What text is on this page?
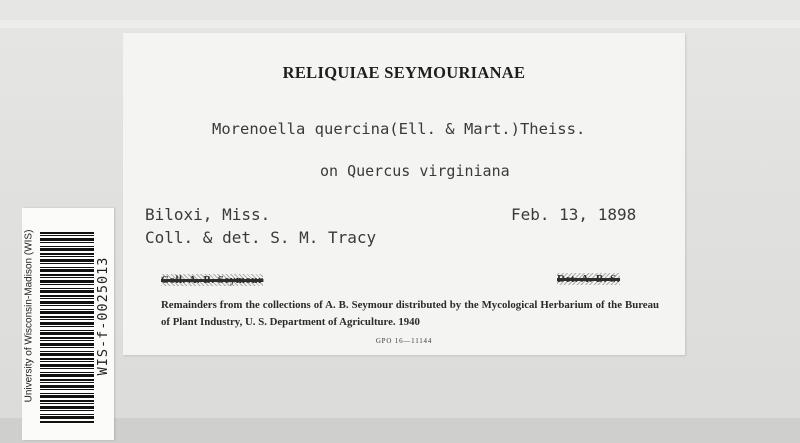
RELIQUIAE SEYMOURIANAE
Morenoella quercina(Ell. & Mart.)Theiss.
on Quercus virginiana
Biloxi, Miss.	Feb. 13, 1898
Coll. & det. S. M. Tracy
Coll. A. B. Seymour	Det. A. B. S.
Remainders from the collections of A. B. Seymour distributed by the Mycological Herbarium of the Bureau of Plant Industry, U. S. Department of Agriculture. 1940
GPO 16—11144
University of Wisconsin-Madison (WIS)	WIS-f-0025013
